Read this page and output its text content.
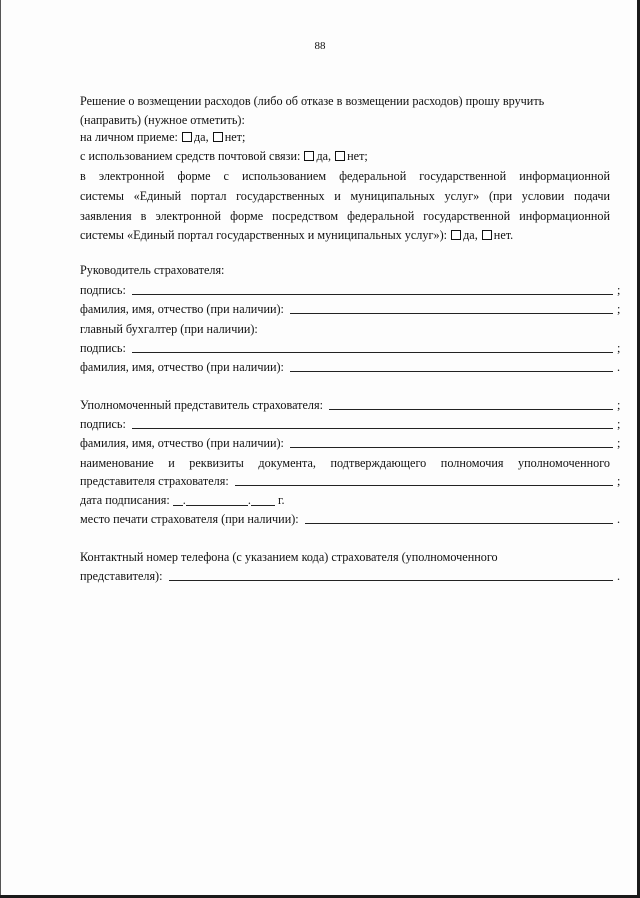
88
Решение о возмещении расходов (либо об отказе в возмещении расходов) прошу вручить
(направить) (нужное отметить):
на личном приеме: да, нет;
с использованием средств почтовой связи: да, нет;
в электронной форме с использованием федеральной государственной информационной
системы «Единый портал государственных и муниципальных услуг» (при условии подачи
заявления в электронной форме посредством федеральной государственной информационной
системы «Единый портал государственных и муниципальных услуг»): да, нет.
Руководитель страхователя:
подпись:	;
фамилия, имя, отчество (при наличии):	;
главный бухгалтер (при наличии):
подпись:	;
фамилия, имя, отчество (при наличии):	.
Уполномоченный представитель страхователя:	;
подпись:	;
фамилия, имя, отчество (при наличии):	;
наименование и реквизиты документа, подтверждающего полномочия уполномоченного
представителя страхователя:	;
дата подписания: .	. г.
место печати страхователя (при наличии):	.
Контактный номер телефона (с указанием кода) страхователя (уполномоченного
представителя):	.
